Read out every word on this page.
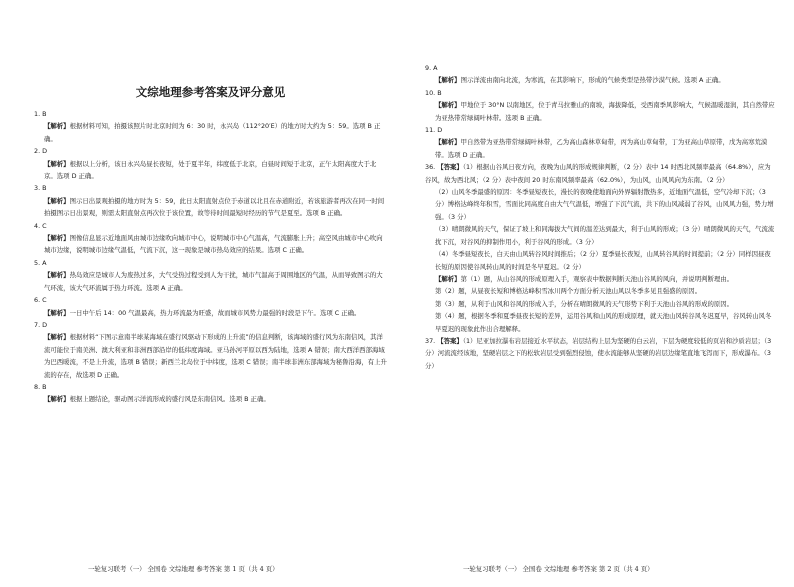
文综地理参考答案及评分意见

1. B

【解析】根据材料可知，拍摄该照片时北京时间为 6：30 时，永兴岛（112°20′E）的地方时大约为 5：59。选项 B 正确。

2. D

【解析】根据以上分析，该日永兴岛昼长夜短，处于夏半年，纬度低于北京，白昼时间短于北京，正午太阳高度大于北京。选项 D 正确。

3. B

【解析】图示日出景观拍摄的地方时为 5：59，此日太阳直射点位于赤道以北且在赤道附近，若该旅游者再次在同一时间拍摄图示日出景观，则需太阳直射点再次位于该位置，故等待时间最短时经历的节气是夏至。选项 B 正确。

4. C

【解析】图像信息显示近地面风由城市边缘吹向城市中心，说明城市中心气温高，气流膨胀上升；高空风由城市中心吹向城市边缘，说明城市边缘气温低，气流下沉，这一现象是城市热岛效应的结果。选项 C 正确。

5. A

【解析】热岛效应是城市人为废热过多，大气受热过程受到人为干扰，城市气温高于周围地区的气温，从而导致图示的大气环流，该大气环流属于热力环流。选项 A 正确。

6. C

【解析】一日中午后 14：00 气温最高，热力环流最为旺盛，故而城市风势力最强的时段是下午。选项 C 正确。

7. D

【解析】根据材料“下图示意南半球某海域在盛行风驱动下形成的上升流”的信息判断，该海域的盛行风为东南信风，其洋流可能位于南美洲、澳大利亚和非洲西部沿岸的低纬度海域。亚马孙河平原以西为陆地，选项 A 错误；南大西洋西部海域为巴西暖流，不是上升流，选项 B 错误；新西兰北岛位于中纬度，选项 C 错误；南半球非洲东部海域为秘鲁沿海，有上升流的存在，故选项 D 正确。

8. B

【解析】根据上题结论，驱动图示洋流形成的盛行风是东南信风。选项 B 正确。

9. A

【解析】图示洋流由南向北流，为寒流，在其影响下，形成的气候类型是热带沙漠气候。选项 A 正确。

10. B

【解析】甲地位于 30°N 以南地区，位于青马拉雅山的南坡，海拔降低，受西南季风影响大，气候温暖湿润，其自然带应为亚热带常绿阔叶林带。选项 B 正确。

11. D

【解析】甲自然带为亚热带常绿阔叶林带，乙为高山森林草甸带，丙为高山草甸带，丁为亚高山草原带，戊为高寒荒漠带。选项 D 正确。

36. 【答案】（1）根据山谷风日夜方向，夜晚为山风的形成规律判断，（2 分）表中 14 时西北风频率最高（64.8%），应为谷风，故为西北风；（2 分）表中夜间 20 时东南风频率最高（62.0%），为山风，山风风向为东南。（2 分）

（2）山风冬季最盛的原因：冬季昼短夜长，漫长的夜晚使地面向外界辐射散热多，近地面气温低，空气冷却下沉；（3 分）博格达峰终年积雪，雪面比同高度自由大气气温低，增强了下沉气流，共下的山风减弱了谷风，山风风力强，势力增强。（3 分）

（3）晴朗微风的天气，保证了坡上和同海拔大气间的温差达到最大，利于山风的形成；（3 分）晴朗微风的天气，气流流扰下沉，对谷风的抑制作用小，利于谷风的形成。（3 分）

（4）冬季昼短夜长，白天由山风转谷风时间推后；（2 分）夏季昼长夜短，山风转谷风的时间提前；（2 分）同样因昼夜长短的原因使谷风转山风的时间是冬早夏迟。（2 分）

【解析】第（1）题，从山谷风的形成原理入手，观察表中数据判断天池山谷风的风向，并说明判断理由。

第（2）题，从昼夜长短和博格达峰积雪冰川两个方面分析天池山风以冬季多见且强盛的原因。

第（3）题，从利于山风和谷风的形成入手，分析在晴朗微风的天气形势下利于天池山谷风的形成的原因。

第（4）题，根据冬季和夏季昼夜长短的差异，运用谷风和山风的形成原理，就天池山风转谷风冬迟夏早，谷风转山风冬早夏迟的现象此作出合理解释。

37. 【答案】（1）尼亚加拉瀑布岩层接近水平状态，岩层结构上层为坚硬的白云岩，下层为硬度较低的页岩和沙质岩层；（3 分）河流流经该地，坚硬岩层之下的松软岩层受到强烈侵蚀，使水流能够从坚硬的岩层边缘笔直地飞泻而下，形成瀑布。（3 分）

一轮复习联考（一） 全国卷 文综地理 参考答案 第 1 页（共 4 页）	一轮复习联考（一） 全国卷 文综地理 参考答案 第 2 页（共 4 页）
